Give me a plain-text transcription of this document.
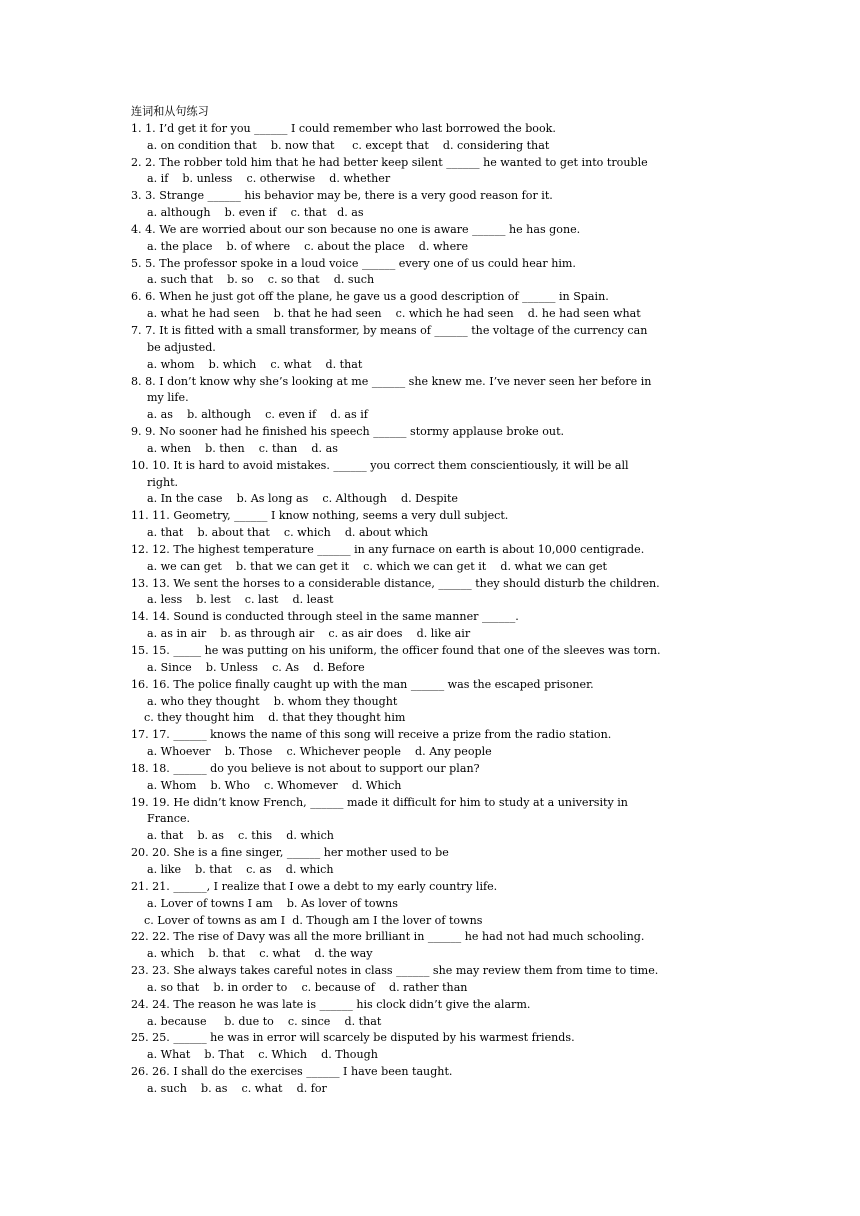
连词和从句练习
1. 1. I’d get it for you ______ I could remember who last borrowed the book.
a. on condition that    b. now that     c. except that    d. considering that
2. 2. The robber told him that he had better keep silent ______ he wanted to get into trouble
a. if    b. unless    c. otherwise    d. whether
3. 3. Strange ______ his behavior may be, there is a very good reason for it.
a. although    b. even if    c. that   d. as
4. 4. We are worried about our son because no one is aware ______ he has gone.
a. the place    b. of where    c. about the place    d. where
5. 5. The professor spoke in a loud voice ______ every one of us could hear him.
a. such that    b. so    c. so that    d. such
6. 6. When he just got off the plane, he gave us a good description of ______ in Spain.
a. what he had seen    b. that he had seen    c. which he had seen    d. he had seen what
7. 7. It is fitted with a small transformer, by means of ______ the voltage of the currency can
be adjusted.
a. whom    b. which    c. what    d. that
8. 8. I don’t know why she’s looking at me ______ she knew me. I’ve never seen her before in
my life.
a. as    b. although    c. even if    d. as if
9. 9. No sooner had he finished his speech ______ stormy applause broke out.
a. when    b. then    c. than    d. as
10. 10. It is hard to avoid mistakes. ______ you correct them conscientiously, it will be all
right.
a. In the case    b. As long as    c. Although    d. Despite
11. 11. Geometry, ______ I know nothing, seems a very dull subject.
a. that    b. about that    c. which    d. about which
12. 12. The highest temperature ______ in any furnace on earth is about 10,000 centigrade.
a. we can get    b. that we can get it    c. which we can get it    d. what we can get
13. 13. We sent the horses to a considerable distance, ______ they should disturb the children.
a. less    b. lest    c. last    d. least
14. 14. Sound is conducted through steel in the same manner ______.
a. as in air    b. as through air    c. as air does    d. like air
15. 15. _____ he was putting on his uniform, the officer found that one of the sleeves was torn.
a. Since    b. Unless    c. As    d. Before
16. 16. The police finally caught up with the man ______ was the escaped prisoner.
a. who they thought    b. whom they thought
c. they thought him    d. that they thought him
17. 17. ______ knows the name of this song will receive a prize from the radio station.
a. Whoever    b. Those    c. Whichever people    d. Any people
18. 18. ______ do you believe is not about to support our plan?
a. Whom    b. Who    c. Whomever    d. Which
19. 19. He didn’t know French, ______ made it difficult for him to study at a university in
France.
a. that    b. as    c. this    d. which
20. 20. She is a fine singer, ______ her mother used to be
a. like    b. that    c. as    d. which
21. 21. ______, I realize that I owe a debt to my early country life.
a. Lover of towns I am    b. As lover of towns
c. Lover of towns as am I  d. Though am I the lover of towns
22. 22. The rise of Davy was all the more brilliant in ______ he had not had much schooling.
a. which    b. that    c. what    d. the way
23. 23. She always takes careful notes in class ______ she may review them from time to time.
a. so that    b. in order to    c. because of    d. rather than
24. 24. The reason he was late is ______ his clock didn’t give the alarm.
a. because     b. due to    c. since    d. that
25. 25. ______ he was in error will scarcely be disputed by his warmest friends.
a. What    b. That    c. Which    d. Though
26. 26. I shall do the exercises ______ I have been taught.
a. such    b. as    c. what    d. for
